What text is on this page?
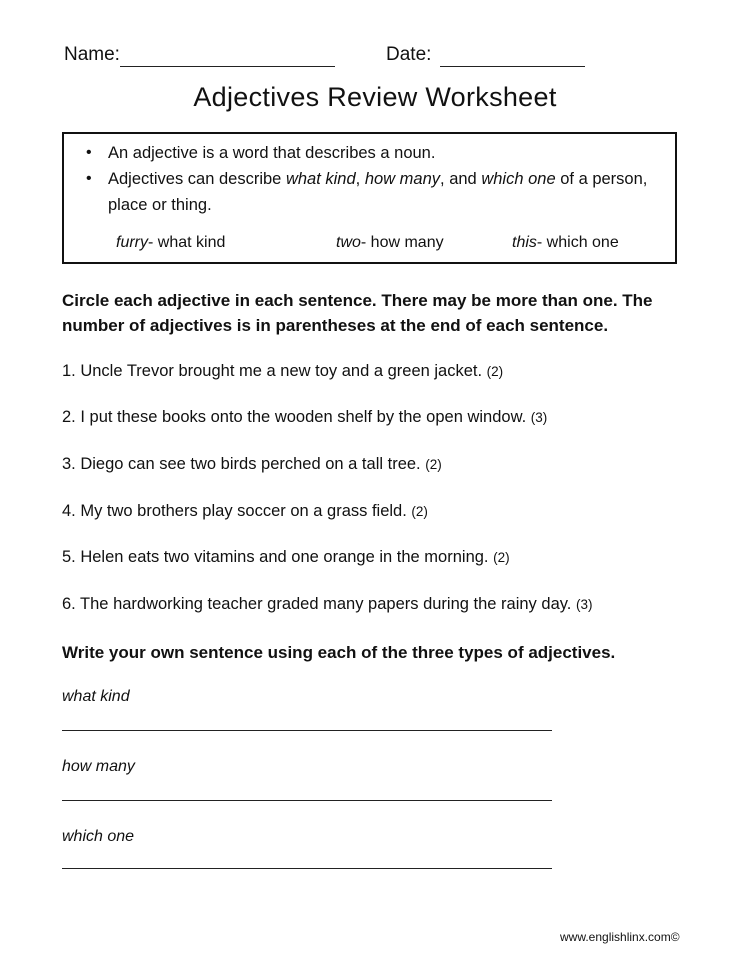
Name:	Date:
Adjectives Review Worksheet
• An adjective is a word that describes a noun.
• Adjectives can describe what kind, how many, and which one of a person, place or thing.
furry- what kind	two- how many	this- which one
Circle each adjective in each sentence. There may be more than one. The number of adjectives is in parentheses at the end of each sentence.
1. Uncle Trevor brought me a new toy and a green jacket. (2)
2. I put these books onto the wooden shelf by the open window. (3)
3. Diego can see two birds perched on a tall tree. (2)
4. My two brothers play soccer on a grass field. (2)
5. Helen eats two vitamins and one orange in the morning. (2)
6. The hardworking teacher graded many papers during the rainy day. (3)
Write your own sentence using each of the three types of adjectives.
what kind
how many
which one
www.englishlinx.com©
